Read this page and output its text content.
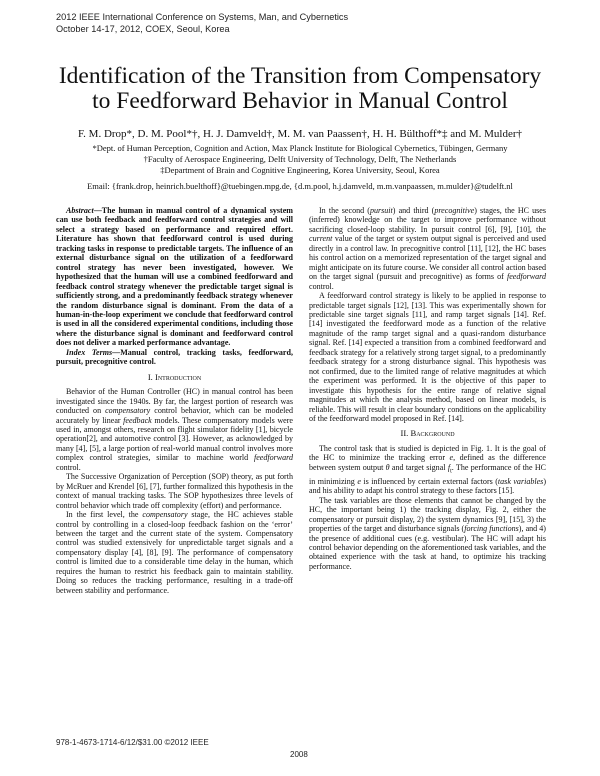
2012 IEEE International Conference on Systems, Man, and Cybernetics
October 14-17, 2012, COEX, Seoul, Korea
Identification of the Transition from Compensatory
to Feedforward Behavior in Manual Control
F. M. Drop*, D. M. Pool*†, H. J. Damveld†, M. M. van Paassen†, H. H. Bülthoff*‡ and M. Mulder†
*Dept. of Human Perception, Cognition and Action, Max Planck Institute for Biological Cybernetics, Tübingen, Germany
†Faculty of Aerospace Engineering, Delft University of Technology, Delft, The Netherlands
‡Department of Brain and Cognitive Engineering, Korea University, Seoul, Korea
Email: {frank.drop, heinrich.buelthoff}@tuebingen.mpg.de, {d.m.pool, h.j.damveld, m.m.vanpaassen, m.mulder}@tudelft.nl

Abstract—The human in manual control of a dynamical system can use both feedback and feedforward control strategies and will select a strategy based on performance and required effort. Literature has shown that feedforward control is used during tracking tasks in response to predictable targets. The influence of an external disturbance signal on the utilization of a feedforward control strategy has never been investigated, however. We hypothesized that the human will use a combined feedforward and feedback control strategy whenever the predictable target signal is sufficiently strong, and a predominantly feedback strategy whenever the random disturbance signal is dominant. From the data of a human-in-the-loop experiment we conclude that feedforward control is used in all the considered experimental conditions, including those where the disturbance signal is dominant and feedforward control does not deliver a marked performance advantage.

Index Terms—Manual control, tracking tasks, feedforward, pursuit, precognitive control.

I. Introduction

Behavior of the Human Controller (HC) in manual control has been investigated since the 1940s. By far, the largest portion of research was conducted on compensatory control behavior, which can be modeled accurately by linear feedback models. These compensatory models were used in, amongst others, research on flight simulator fidelity [1], bicycle operation[2], and automotive control [3]. However, as acknowledged by many [4], [5], a large portion of real-world manual control involves more complex control strategies, similar to machine world feedforward control.

The Successive Organization of Perception (SOP) theory, as put forth by McRuer and Krendel [6], [7], further formalized this hypothesis in the context of manual tracking tasks. The SOP hypothesizes three levels of control behavior which trade off complexity (effort) and performance.

In the first level, the compensatory stage, the HC achieves stable control by controlling in a closed-loop feedback fashion on the ‘error’ between the target and the current state of the system. Compensatory control was studied extensively for unpredictable target signals and a compensatory display [4], [8], [9]. The performance of compensatory control is limited due to a considerable time delay in the human, which requires the human to restrict his feedback gain to maintain stability. Doing so reduces the tracking performance, resulting in a trade-off between stability and performance.

In the second (pursuit) and third (precognitive) stages, the HC uses (inferred) knowledge on the target to improve performance without sacrificing closed-loop stability. In pursuit control [6], [9], [10], the current value of the target or system output signal is perceived and used directly in a control law. In precognitive control [11], [12], the HC bases his control action on a memorized representation of the target signal and might anticipate on its future course. We consider all control action based on the target signal (pursuit and precognitive) as forms of feedforward control.

A feedforward control strategy is likely to be applied in response to predictable target signals [12], [13]. This was experimentally shown for predictable sine target signals [11], and ramp target signals [14]. Ref. [14] investigated the feedforward mode as a function of the relative magnitude of the ramp target signal and a quasi-random disturbance signal. Ref. [14] expected a transition from a combined feedforward and feedback strategy for a relatively strong target signal, to a predominantly feedback strategy for a strong disturbance signal. This hypothesis was not confirmed, due to the limited range of relative magnitudes at which the experiment was performed. It is the objective of this paper to investigate this hypothesis for the entire range of relative signal magnitudes at which the analysis method, based on linear models, is reliable. This will result in clear boundary conditions on the applicability of the feedforward model proposed in Ref. [14].

II. Background

The control task that is studied is depicted in Fig. 1. It is the goal of the HC to minimize the tracking error e, defined as the difference between system output θ and target signal $f_t$. The performance of the HC in minimizing e is influenced by certain external factors (task variables) and his ability to adapt his control strategy to these factors [15].

The task variables are those elements that cannot be changed by the HC, the important being 1) the tracking display, Fig. 2, either the compensatory or pursuit display, 2) the system dynamics [9], [15], 3) the properties of the target and disturbance signals (forcing functions), and 4) the presence of additional cues (e.g. vestibular). The HC will adapt his control behavior depending on the aforementioned task variables, and the obtained experience with the task at hand, to optimize his tracking performance.

978-1-4673-1714-6/12/$31.00 ©2012 IEEE
2008
